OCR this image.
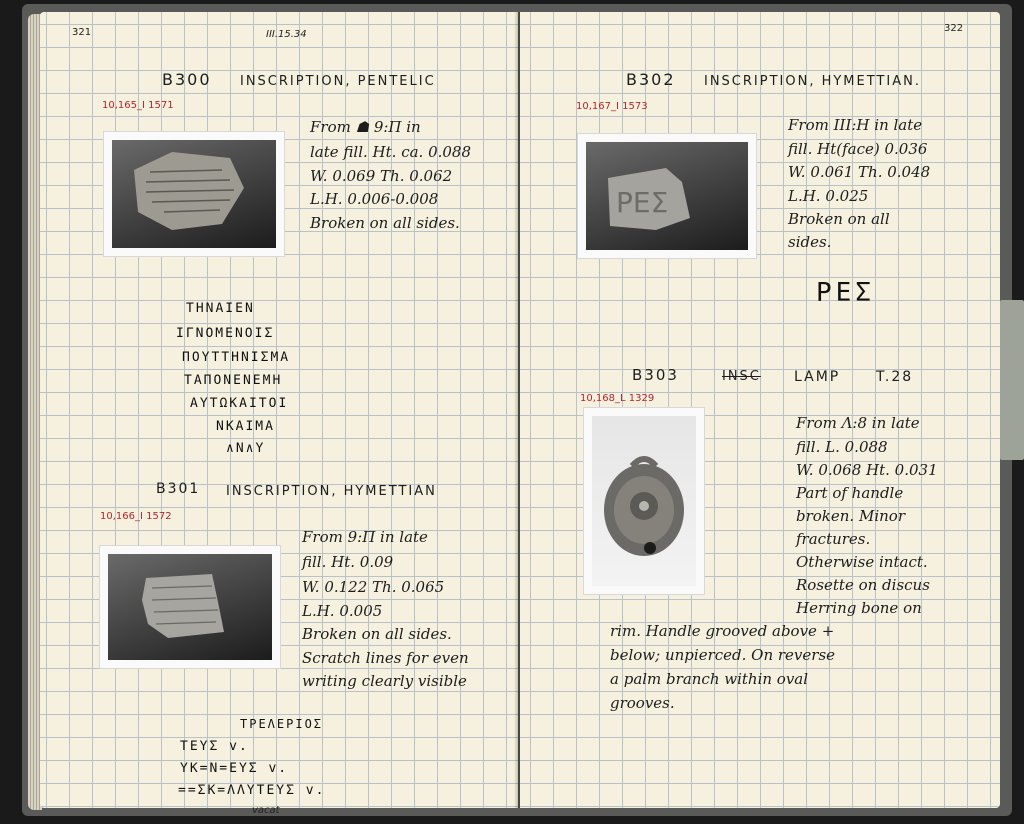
321	III.15.34
B300 INSCRIPTION, PENTELIC
10,165_I 1571
From ☗ 9:Π in
late fill. Ht. ca. 0.088
W. 0.069 Th. 0.062
L.H. 0.006-0.008
Broken on all sides.
ΤΗΝΑΙΕΝ
ΙΓΝΟΜΕΝΟΙΣ
ΠΟΥΤΤΗΝΙΣΜΑ
ΤΑΠΟΝΕΝΕΜΗ
ΑΥΤΩΚΑΙΤΟΙ
ΝΚΑΙΜΑ
∧Ν∧Υ
B301 INSCRIPTION, HYMETTIAN
10,166_I 1572
From 9:Π in late
fill. Ht. 0.09
W. 0.122 Th. 0.065
L.H. 0.005
Broken on all sides.
Scratch lines for even
writing clearly visible
ΤΡΕΛΕΡΙΟΣ
ΤΕΥΣ v.
ΥΚ=Ν=ΕΥΣ v.
==ΣΚ=ΛΛΥΤΕΥΣ v.
vacat
322
B302 INSCRIPTION, HYMETTIAN.
10,167_I 1573
ΡΕΣ
From III:H in late
fill. Ht(face) 0.036
W. 0.061 Th. 0.048
L.H. 0.025
Broken on all
sides.
ΡΕΣ
B303	INSC LAMP	T.28
10,168_L 1329
From Λ:8 in late
fill. L. 0.088
W. 0.068 Ht. 0.031
Part of handle
broken. Minor
fractures.
Otherwise intact.
Rosette on discus
Herring bone on
rim. Handle grooved above +
below; unpierced. On reverse
a palm branch within oval
grooves.
